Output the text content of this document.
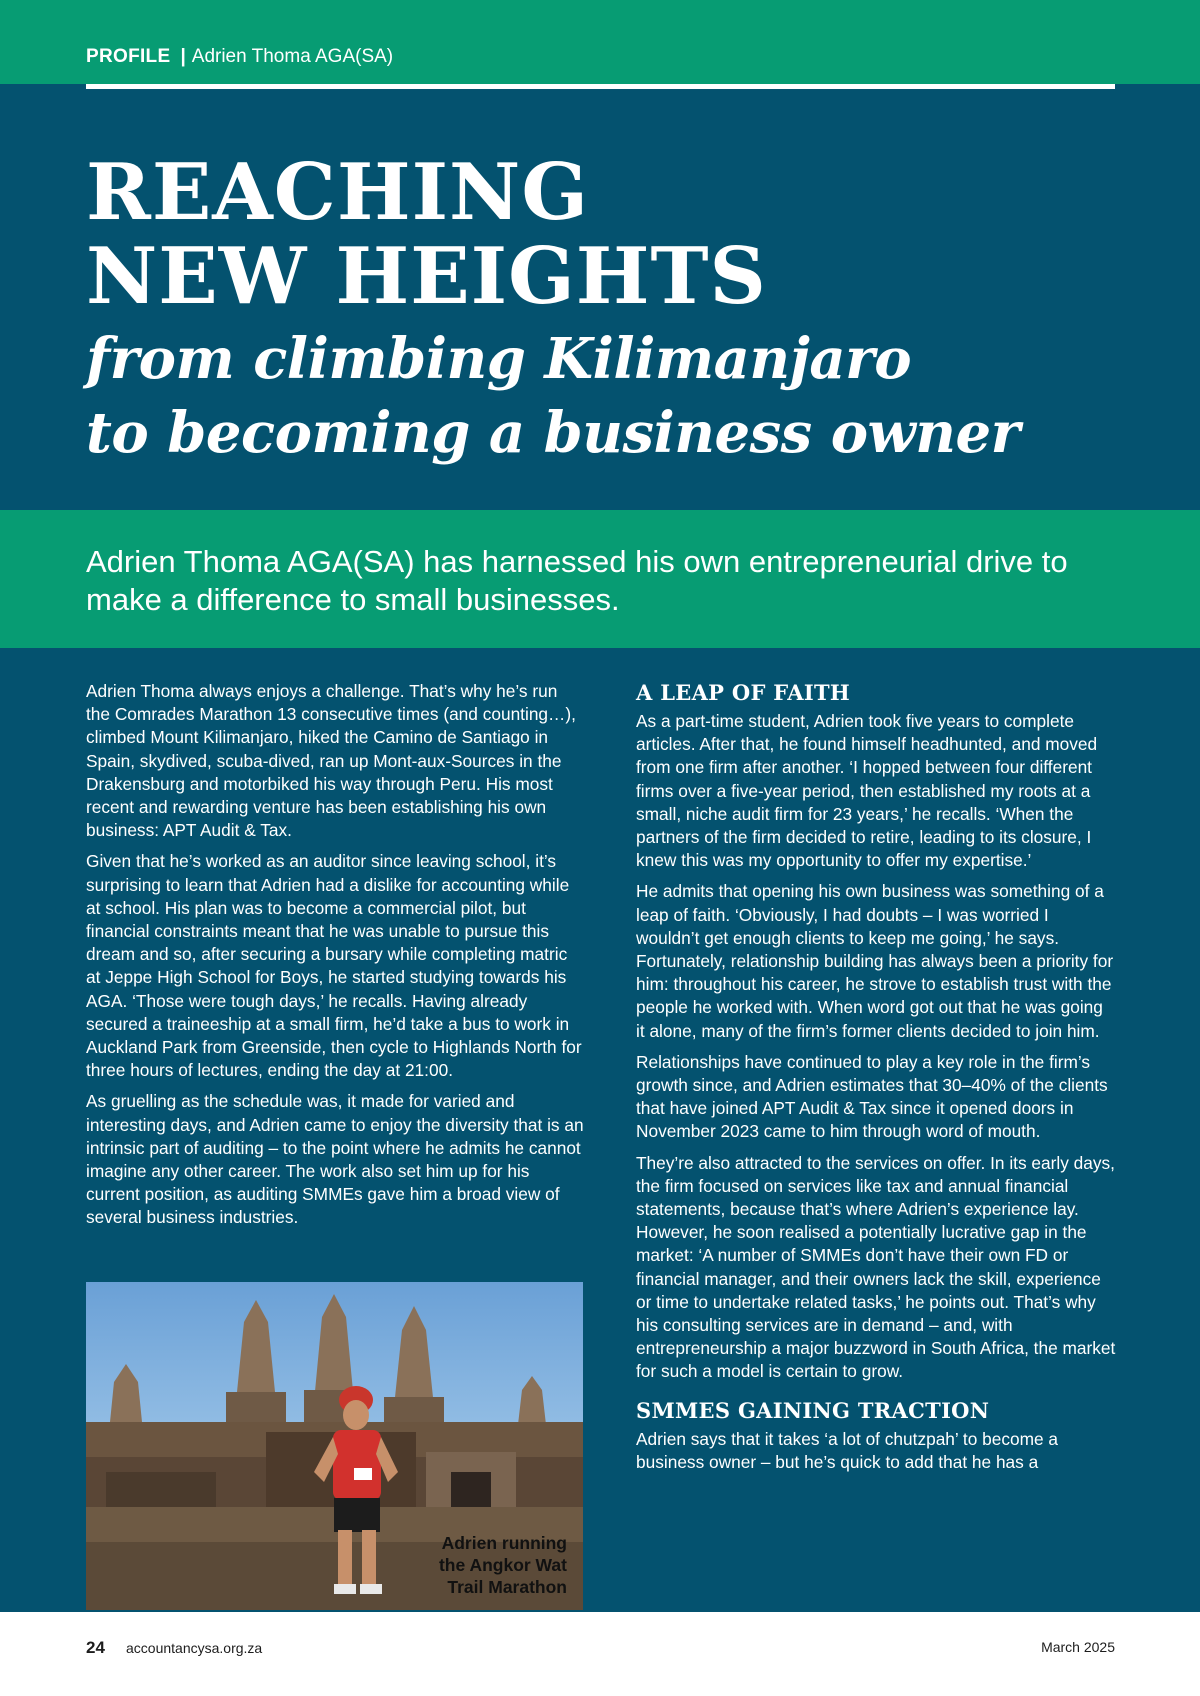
PROFILE | Adrien Thoma AGA(SA)
REACHING
NEW HEIGHTS
from climbing Kilimanjaro
to becoming a business owner

Adrien Thoma AGA(SA) has harnessed his own entrepreneurial drive to make a difference to small businesses.

Adrien Thoma always enjoys a challenge. That’s why he’s run the Comrades Marathon 13 consecutive times (and counting…), climbed Mount Kilimanjaro, hiked the Camino de Santiago in Spain, skydived, scuba-dived, ran up Mont-aux-Sources in the Drakensburg and motorbiked his way through Peru. His most recent and rewarding venture has been establishing his own business: APT Audit & Tax.

Given that he’s worked as an auditor since leaving school, it’s surprising to learn that Adrien had a dislike for accounting while at school. His plan was to become a commercial pilot, but financial constraints meant that he was unable to pursue this dream and so, after securing a bursary while completing matric at Jeppe High School for Boys, he started studying towards his AGA. ‘Those were tough days,’ he recalls. Having already secured a traineeship at a small firm, he’d take a bus to work in Auckland Park from Greenside, then cycle to Highlands North for three hours of lectures, ending the day at 21:00.

As gruelling as the schedule was, it made for varied and interesting days, and Adrien came to enjoy the diversity that is an intrinsic part of auditing – to the point where he admits he cannot imagine any other career. The work also set him up for his current position, as auditing SMMEs gave him a broad view of several business industries.

Adrien running
the Angkor Wat
Trail Marathon
A LEAP OF FAITH

As a part-time student, Adrien took five years to complete articles. After that, he found himself headhunted, and moved from one firm after another. ‘I hopped between four different firms over a five-year period, then established my roots at a small, niche audit firm for 23 years,’ he recalls. ‘When the partners of the firm decided to retire, leading to its closure, I knew this was my opportunity to offer my expertise.’

He admits that opening his own business was something of a leap of faith. ‘Obviously, I had doubts – I was worried I wouldn’t get enough clients to keep me going,’ he says. Fortunately, relationship building has always been a priority for him: throughout his career, he strove to establish trust with the people he worked with. When word got out that he was going it alone, many of the firm’s former clients decided to join him.

Relationships have continued to play a key role in the firm’s growth since, and Adrien estimates that 30–40% of the clients that have joined APT Audit & Tax since it opened doors in November 2023 came to him through word of mouth.

They’re also attracted to the services on offer. In its early days, the firm focused on services like tax and annual financial statements, because that’s where Adrien’s experience lay. However, he soon realised a potentially lucrative gap in the market: ‘A number of SMMEs don’t have their own FD or financial manager, and their owners lack the skill, experience or time to undertake related tasks,’ he points out. That’s why his consulting services are in demand – and, with entrepreneurship a major buzzword in South Africa, the market for such a model is certain to grow.

SMMES GAINING TRACTION

Adrien says that it takes ‘a lot of chutzpah’ to become a business owner – but he’s quick to add that he has a

24 accountancysa.org.za	March 2025
